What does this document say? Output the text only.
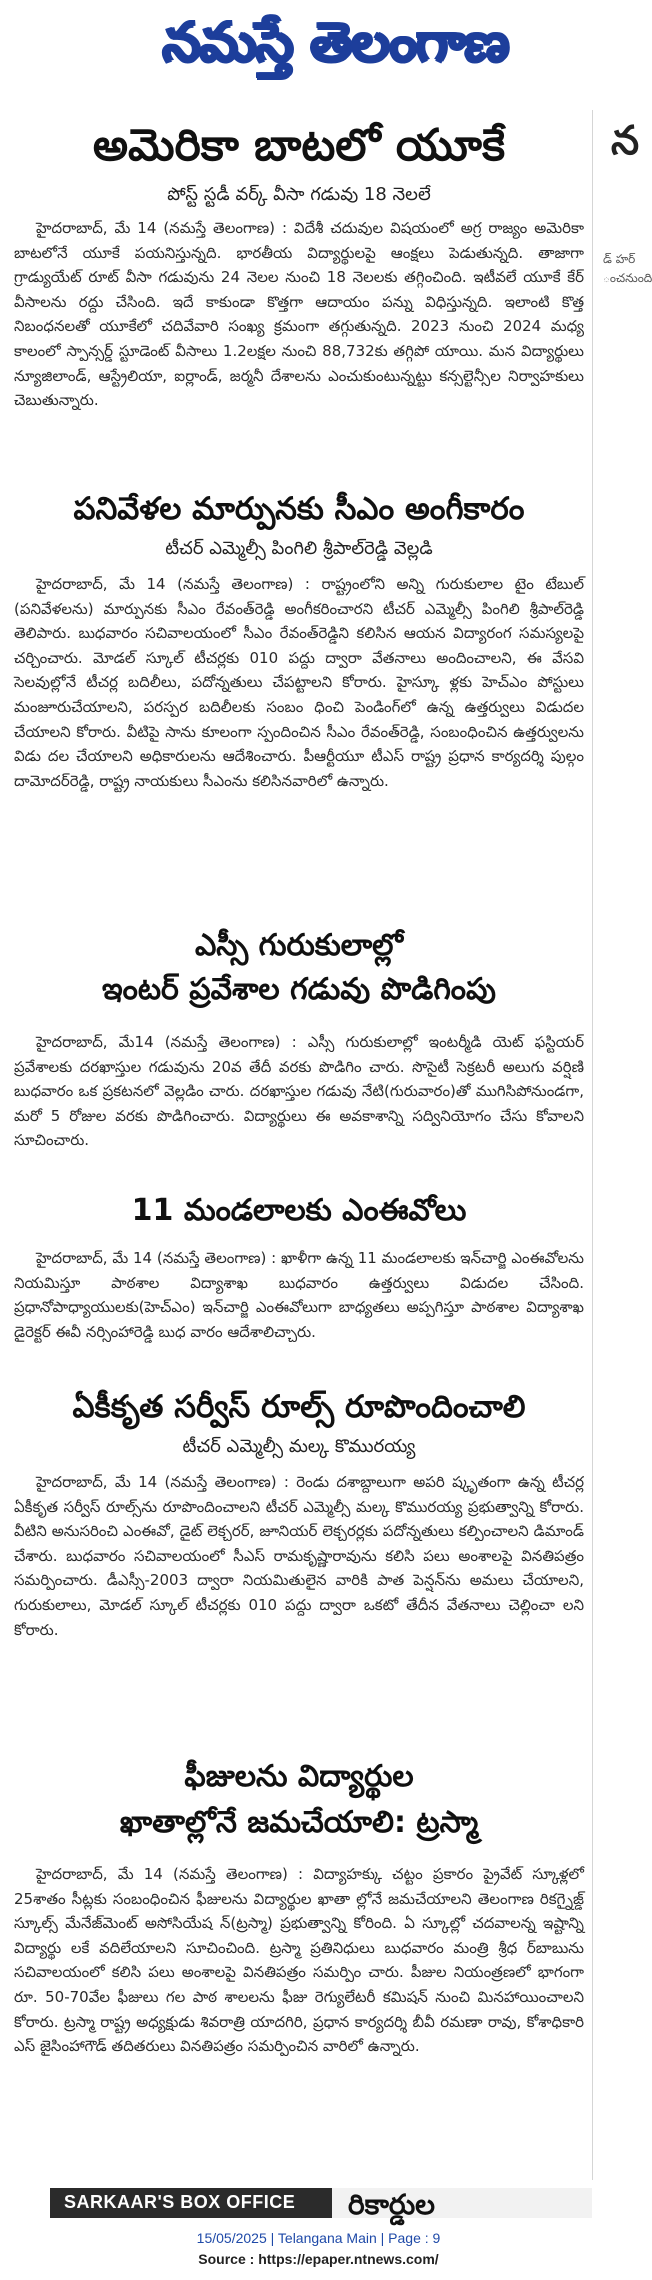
నమస్తే తెలంగాణ
న
డ్‌ హర్‌ ంచనుంది
అమెరికా బాటలో యూకే
పోస్ట్‌ స్టడీ వర్క్‌ వీసా గడువు 18 నెలలే

హైదరాబాద్‌, మే 14 (నమస్తే తెలంగాణ) : విదేశీ చదువుల విషయంలో అగ్ర రాజ్యం అమెరికా బాటలోనే యూకే పయనిస్తున్నది. భారతీయ విద్యార్థులపై ఆంక్షలు పెడుతున్నది. తాజాగా గ్రాడ్యుయేట్‌ రూట్‌ వీసా గడువును 24 నెలల నుంచి 18 నెలలకు తగ్గించింది. ఇటీవలే యూకే కేర్‌ వీసాలను రద్దు చేసింది. ఇదే కాకుండా కొత్తగా ఆదాయం పన్ను విధిస్తున్నది. ఇలాంటి కొత్త నిబంధనలతో యూకేలో చదివేవారి సంఖ్య క్రమంగా తగ్గుతున్నది. 2023 నుంచి 2024 మధ్య కాలంలో స్పాన్సర్డ్‌ స్టూడెంట్‌ వీసాలు 1.2లక్షల నుంచి 88,732కు తగ్గిపో యాయి. మన విద్యార్థులు న్యూజిలాండ్‌, ఆస్ట్రేలియా, ఐర్లాండ్‌, జర్మనీ దేశాలను ఎంచుకుంటున్నట్టు కన్సల్టెన్సీల నిర్వాహకులు చెబుతున్నారు.

పనివేళల మార్పునకు సీఎం అంగీకారం
టీచర్‌ ఎమ్మెల్సీ పింగిలి శ్రీపాల్‌రెడ్డి వెల్లడి

హైదరాబాద్‌, మే 14 (నమస్తే తెలంగాణ) : రాష్ట్రంలోని అన్ని గురుకులాల టైం టేబుల్‌ (పనివేళలను) మార్పునకు సీఎం రేవంత్‌రెడ్డి అంగీకరించారని టీచర్‌ ఎమ్మెల్సీ పింగిలి శ్రీపాల్‌రెడ్డి తెలిపారు. బుధవారం సచివాలయంలో సీఎం రేవంత్‌రెడ్డిని కలిసిన ఆయన విద్యారంగ సమస్యలపై చర్చించారు. మోడల్‌ స్కూల్‌ టీచర్లకు 010 పద్దు ద్వారా వేతనాలు అందించాలని, ఈ వేసవి సెలవుల్లోనే టీచర్ల బదిలీలు, పదోన్నతులు చేపట్టాలని కోరారు. హైస్కూ ళ్లకు హెచ్‌ఎం పోస్టులు మంజూరుచేయాలని, పరస్పర బదిలీలకు సంబం ధించి పెండింగ్‌లో ఉన్న ఉత్తర్వులు విడుదల చేయాలని కోరారు. వీటిపై సాను కూలంగా స్పందించిన సీఎం రేవంత్‌రెడ్డి, సంబంధించిన ఉత్తర్వులను విడు దల చేయాలని అధికారులను ఆదేశించారు. పీఆర్టీయూ టీఎస్‌ రాష్ట్ర ప్రధాన కార్యదర్శి పుల్గం దామోదర్‌రెడ్డి, రాష్ట్ర నాయకులు సీఎంను కలిసినవారిలో ఉన్నారు.

ఎస్సీ గురుకులాల్లో
ఇంటర్‌ ప్రవేశాల గడువు పొడిగింపు

హైదరాబాద్‌, మే14 (నమస్తే తెలంగాణ) : ఎస్సీ గురుకులాల్లో ఇంటర్మీడి యెట్‌ ఫస్టియర్‌ ప్రవేశాలకు దరఖాస్తుల గడువును 20వ తేదీ వరకు పొడిగిం చారు. సొసైటీ సెక్రటరీ అలుగు వర్షిణి బుధవారం ఒక ప్రకటనలో వెల్లడిం చారు. దరఖాస్తుల గడువు నేటి(గురువారం)తో ముగిసిపోనుండగా, మరో 5 రోజుల వరకు పొడిగించారు. విద్యార్థులు ఈ అవకాశాన్ని సద్వినియోగం చేసు కోవాలని సూచించారు.

11 మండలాలకు ఎంఈవోలు

హైదరాబాద్‌, మే 14 (నమస్తే తెలంగాణ) : ఖాళీగా ఉన్న 11 మండలాలకు ఇన్‌చార్జి ఎంఈవోలను నియమిస్తూ పాఠశాల విద్యాశాఖ బుధవారం ఉత్తర్వులు విడుదల చేసింది. ప్రధానోపాధ్యాయులకు(హెచ్‌ఎం) ఇన్‌చార్జి ఎంఈవోలుగా బాధ్యతలు అప్పగిస్తూ పాఠశాల విద్యాశాఖ డైరెక్టర్‌ ఈవీ నర్సింహారెడ్డి బుధ వారం ఆదేశాలిచ్చారు.

ఏకీకృత సర్వీస్‌ రూల్స్‌ రూపొందించాలి
టీచర్‌ ఎమ్మెల్సీ మల్క కొమురయ్య

హైదరాబాద్‌, మే 14 (నమస్తే తెలంగాణ) : రెండు దశాబ్దాలుగా అపరి ష్కృతంగా ఉన్న టీచర్ల ఏకీకృత సర్వీస్‌ రూల్స్‌ను రూపొందించాలని టీచర్‌ ఎమ్మెల్సీ మల్క కొమురయ్య ప్రభుత్వాన్ని కోరారు. వీటిని అనుసరించి ఎంఈవో, డైట్‌ లెక్చరర్‌, జూనియర్‌ లెక్చరర్లకు పదోన్నతులు కల్పించాలని డిమాండ్‌ చేశారు. బుధవారం సచివాలయంలో సీఎస్‌ రామకృష్ణారావును కలిసి పలు అంశాలపై వినతిపత్రం సమర్పించారు. డీఎస్సీ-2003 ద్వారా నియమితులైన వారికి పాత పెన్షన్‌ను అమలు చేయాలని, గురుకులాలు, మోడల్‌ స్కూల్‌ టీచర్లకు 010 పద్దు ద్వారా ఒకటో తేదీన వేతనాలు చెల్లించా లని కోరారు.

ఫీజులను విద్యార్థుల
ఖాతాల్లోనే జమచేయాలి: ట్రస్మా

హైదరాబాద్‌, మే 14 (నమస్తే తెలంగాణ) : విద్యాహక్కు చట్టం ప్రకారం ప్రైవేట్‌ స్కూళ్లలో 25శాతం సీట్లకు సంబంధించిన ఫీజులను విద్యార్థుల ఖాతా ల్లోనే జమచేయాలని తెలంగాణ రికగ్నైజ్డ్‌ స్కూల్స్‌ మేనేజ్‌మెంట్‌ అసోసియేష న్‌(ట్రస్మా) ప్రభుత్వాన్ని కోరింది. ఏ స్కూల్లో చదవాలన్న ఇష్టాన్ని విద్యార్థు లకే వదిలేయాలని సూచించింది. ట్రస్మా ప్రతినిధులు బుధవారం మంత్రి శ్రీధ ర్‌బాబును సచివాలయంలో కలిసి పలు అంశాలపై వినతిపత్రం సమర్పిం చారు. పీజుల నియంత్రణలో భాగంగా రూ. 50-70వేల ఫీజులు గల పాఠ శాలలను ఫీజు రెగ్యులేటరీ కమిషన్‌ నుంచి మినహాయించాలని కోరారు. ట్రస్మా రాష్ట్ర అధ్యక్షుడు శివరాత్రి యాదగిరి, ప్రధాన కార్యదర్శి బీవీ రమణా రావు, కోశాధికారి ఎస్‌ జైసింహాగౌడ్‌ తదితరులు వినతిపత్రం సమర్పించిన వారిలో ఉన్నారు.

SARKAAR'S BOX OFFICE రికార్డుల
15/05/2025 | Telangana Main | Page : 9
Source : https://epaper.ntnews.com/
